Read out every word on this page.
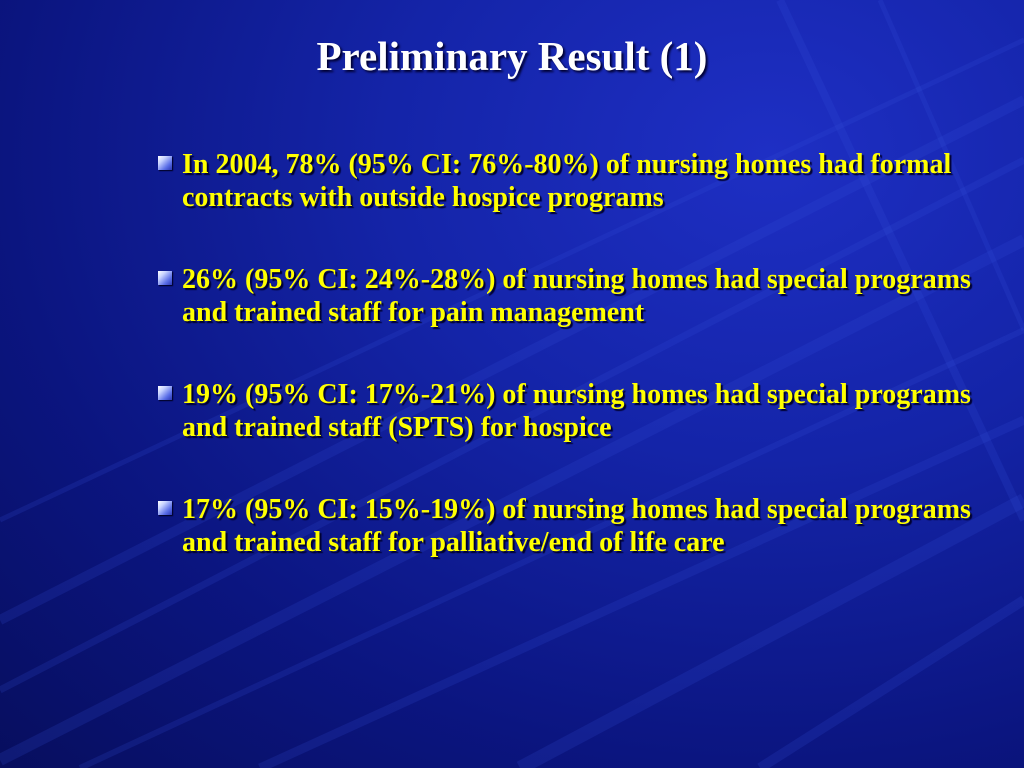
Preliminary Result (1)
In 2004, 78% (95% CI: 76%-80%) of nursing homes had formal contracts with outside hospice programs
26% (95% CI: 24%-28%) of nursing homes had special programs and trained staff for pain management
19% (95% CI: 17%-21%) of nursing homes had special programs and trained staff (SPTS) for hospice
17% (95% CI: 15%-19%) of nursing homes had special programs and trained staff for palliative/end of life care
